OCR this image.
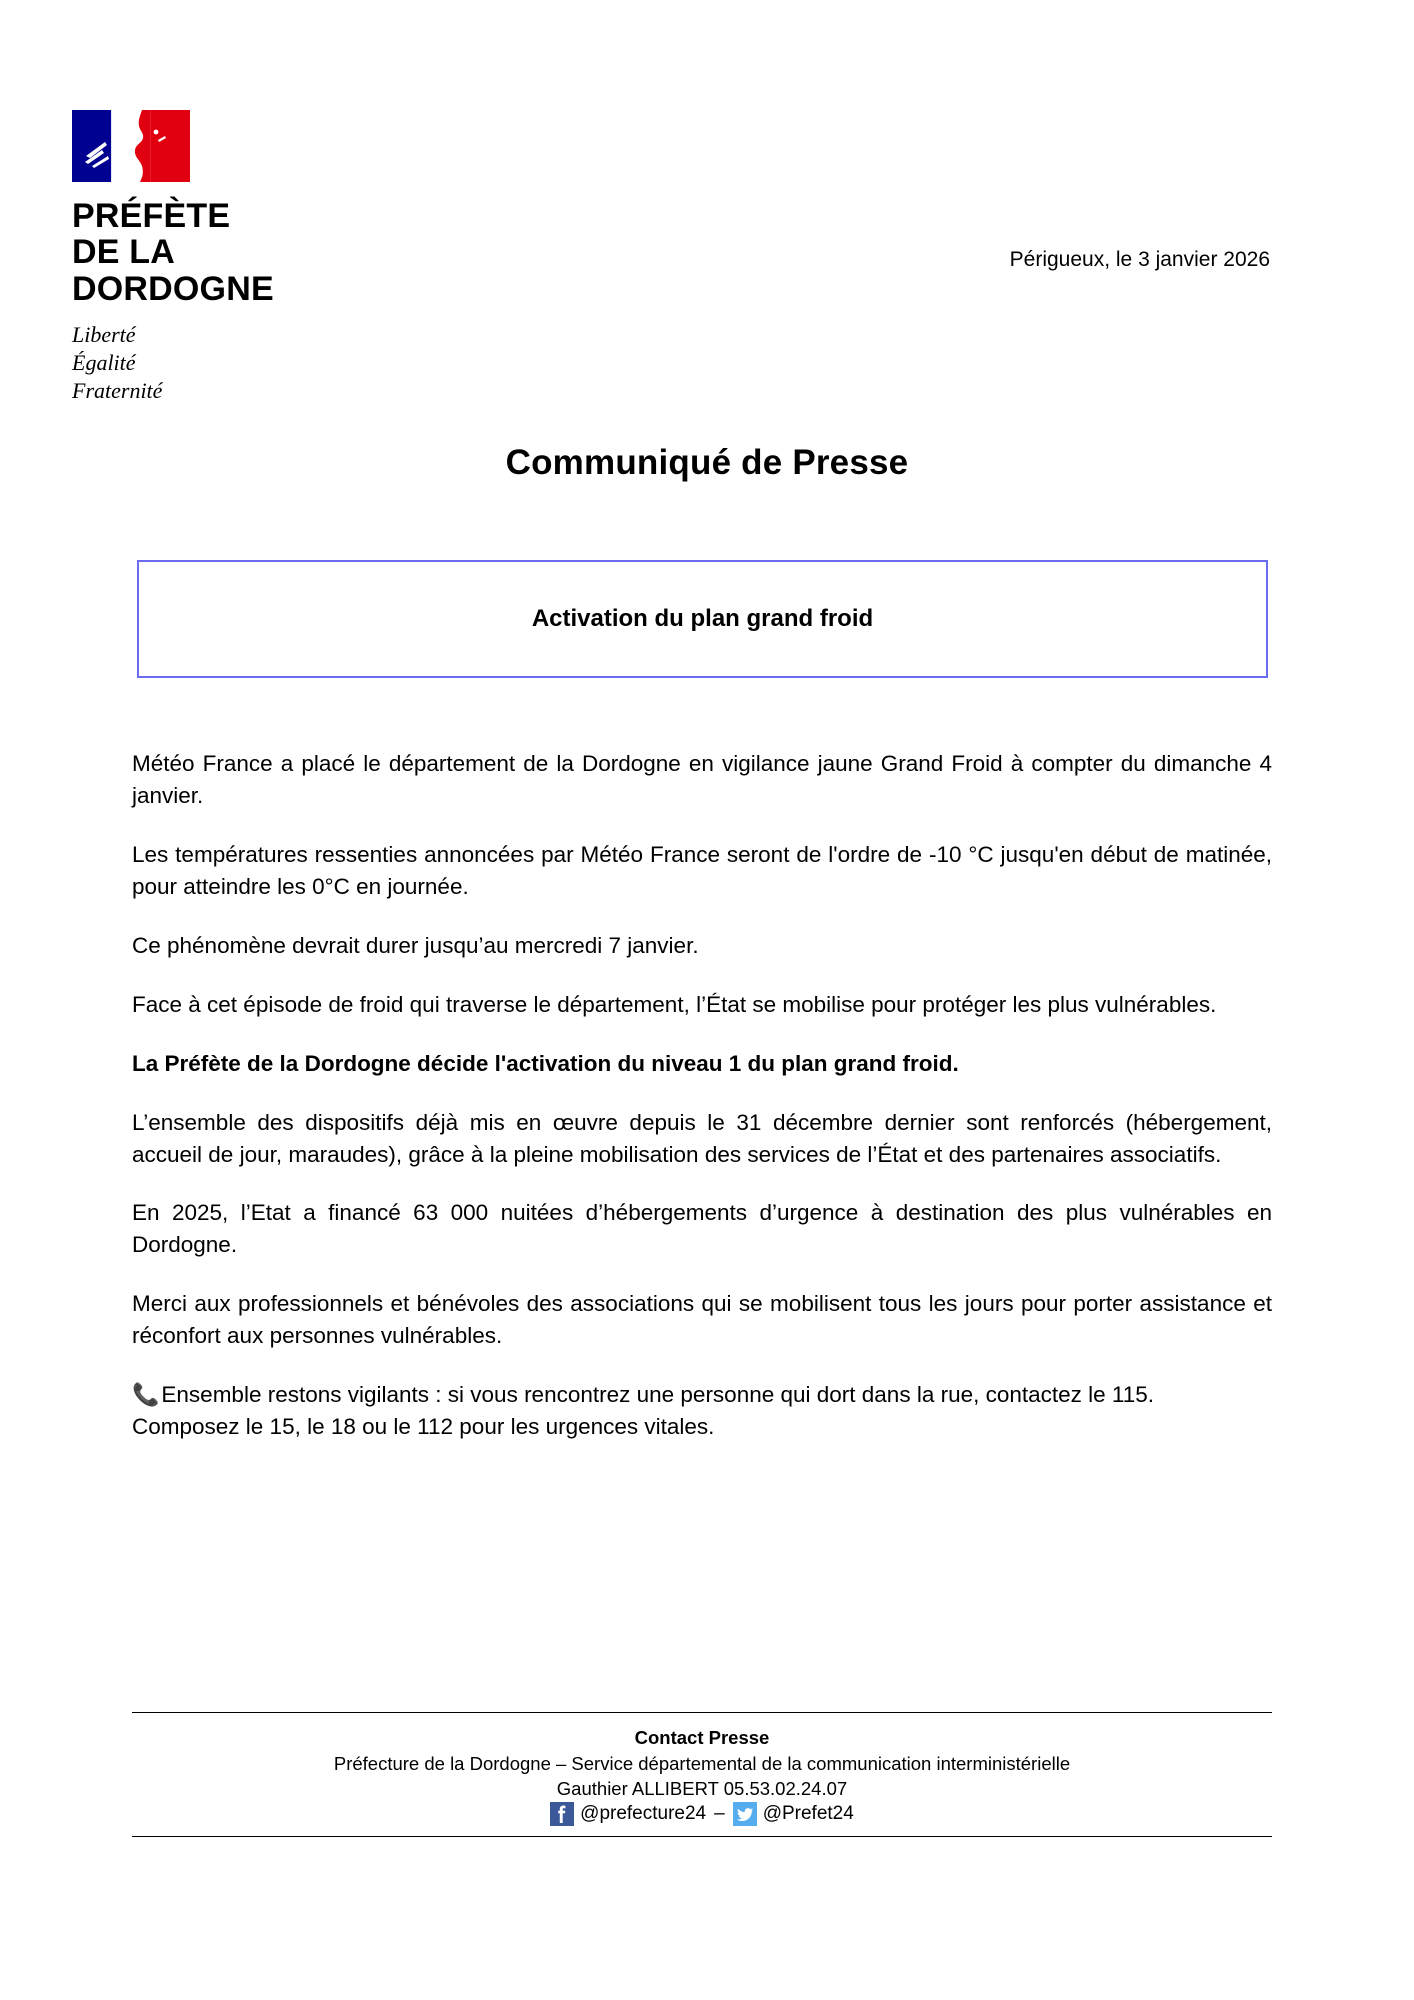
PRÉFÈTE
DE LA
DORDOGNE
Liberté
Égalité
Fraternité
Périgueux, le 3 janvier 2026
Communiqué de Presse
Activation du plan grand froid

Météo France a placé le département de la Dordogne en vigilance jaune Grand Froid à compter du dimanche 4 janvier.

Les températures ressenties annoncées par Météo France seront de l'ordre de -10 °C jusqu'en début de matinée, pour atteindre les 0°C en journée.

Ce phénomène devrait durer jusqu’au mercredi 7 janvier.

Face à cet épisode de froid qui traverse le département, l’État se mobilise pour protéger les plus vulnérables.

La Préfète de la Dordogne décide l'activation du niveau 1 du plan grand froid.

L’ensemble des dispositifs déjà mis en œuvre depuis le 31 décembre dernier sont renforcés (hébergement, accueil de jour, maraudes), grâce à la pleine mobilisation des services de l’État et des partenaires associatifs.

En 2025, l’Etat a financé 63 000 nuitées d’hébergements d’urgence à destination des plus vulnérables en Dordogne.

Merci aux professionnels et bénévoles des associations qui se mobilisent tous les jours pour porter assistance et réconfort aux personnes vulnérables.

📞Ensemble restons vigilants : si vous rencontrez une personne qui dort dans la rue, contactez le 115.
Composez le 15, le 18 ou le 112 pour les urgences vitales.

Contact Presse
Préfecture de la Dordogne – Service départemental de la communication interministérielle
Gauthier ALLIBERT 05.53.02.24.07
@prefecture24 – @Prefet24
